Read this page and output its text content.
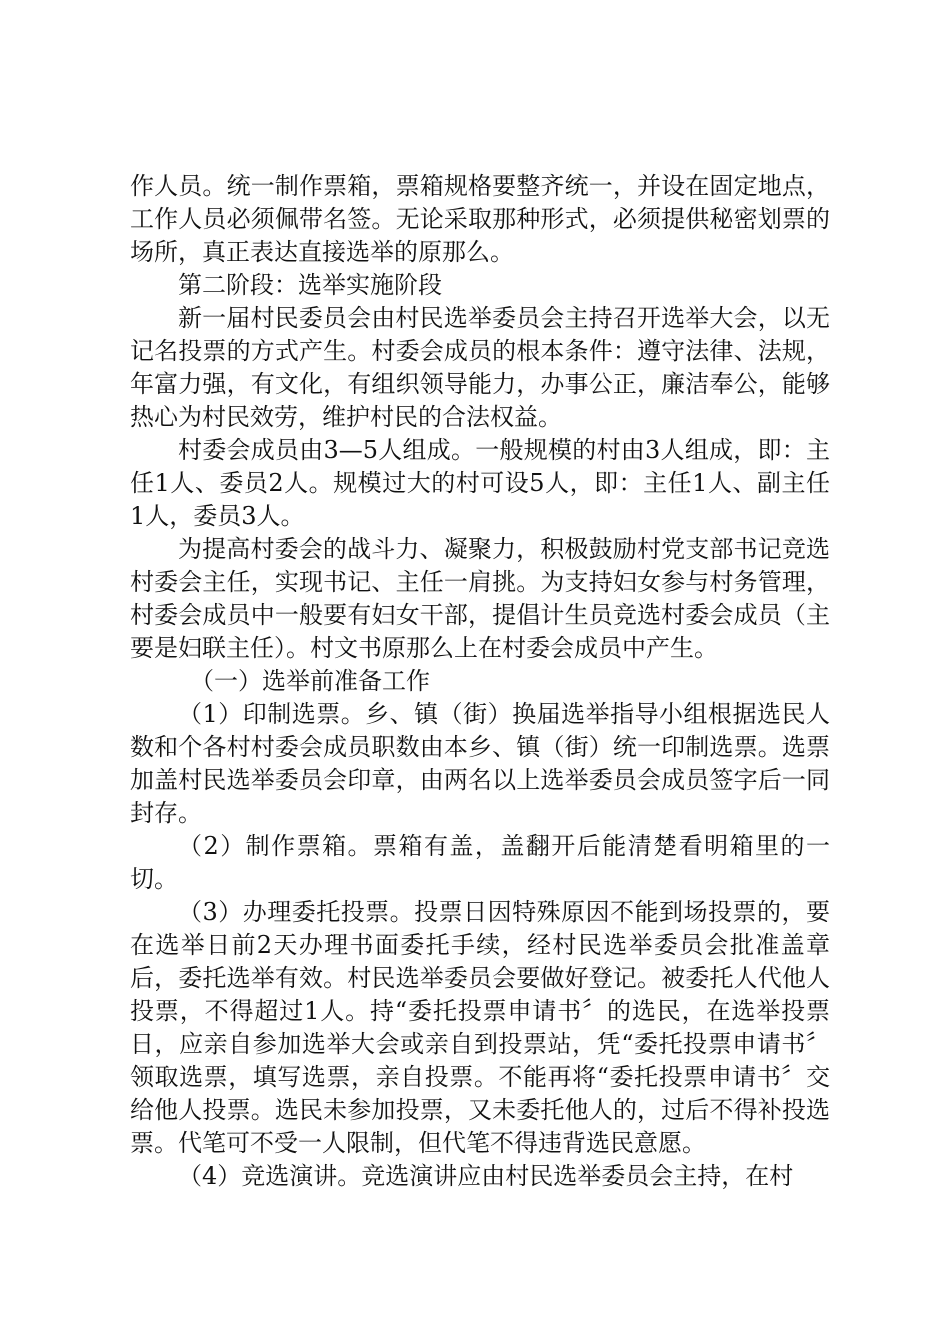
作人员。统一制作票箱，票箱规格要整齐统一，并设在固定地点，工作人员必须佩带名签。无论采取那种形式，必须提供秘密划票的场所，真正表达直接选举的原那么。

第二阶段：选举实施阶段

新一届村民委员会由村民选举委员会主持召开选举大会，以无记名投票的方式产生。村委会成员的根本条件：遵守法律、法规，年富力强，有文化，有组织领导能力，办事公正，廉洁奉公，能够热心为村民效劳，维护村民的合法权益。

村委会成员由3—5人组成。一般规模的村由3人组成，即：主任1人、委员2人。规模过大的村可设5人，即：主任1人、副主任1人，委员3人。

为提高村委会的战斗力、凝聚力，积极鼓励村党支部书记竞选村委会主任，实现书记、主任一肩挑。为支持妇女参与村务管理，村委会成员中一般要有妇女干部，提倡计生员竞选村委会成员（主要是妇联主任）。村文书原那么上在村委会成员中产生。

（一）选举前准备工作

（1）印制选票。乡、镇（街）换届选举指导小组根据选民人数和个各村村委会成员职数由本乡、镇（街）统一印制选票。选票加盖村民选举委员会印章，由两名以上选举委员会成员签字后一同封存。

（2）制作票箱。票箱有盖，盖翻开后能清楚看明箱里的一切。

（3）办理委托投票。投票日因特殊原因不能到场投票的，要在选举日前2天办理书面委托手续，经村民选举委员会批准盖章后，委托选举有效。村民选举委员会要做好登记。被委托人代他人投票，不得超过1人。持“委托投票申请书〞的选民，在选举投票日，应亲自参加选举大会或亲自到投票站，凭“委托投票申请书〞领取选票，填写选票，亲自投票。不能再将“委托投票申请书〞交给他人投票。选民未参加投票，又未委托他人的，过后不得补投选票。代笔可不受一人限制，但代笔不得违背选民意愿。

（4）竞选演讲。竞选演讲应由村民选举委员会主持，在村
